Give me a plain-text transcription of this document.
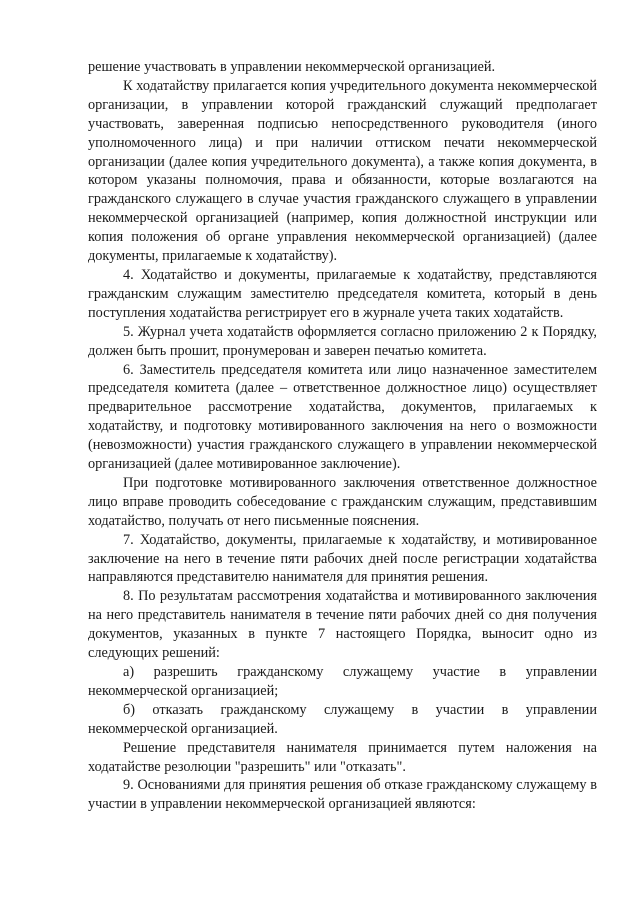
решение участвовать в управлении некоммерческой организацией.

К ходатайству прилагается копия учредительного документа некоммерческой организации, в управлении которой гражданский служащий предполагает участвовать, заверенная подписью непосредственного руководителя (иного уполномоченного лица) и при наличии оттиском печати некоммерческой организации (далее копия учредительного документа), а также копия документа, в котором указаны полномочия, права и обязанности, которые возлагаются на гражданского служащего в случае участия гражданского служащего в управлении некоммерческой организацией (например, копия должностной инструкции или копия положения об органе управления некоммерческой организацией) (далее документы, прилагаемые к ходатайству).

4. Ходатайство и документы, прилагаемые к ходатайству, представляются гражданским служащим заместителю председателя комитета, который в день поступления ходатайства регистрирует его в журнале учета таких ходатайств.

5. Журнал учета ходатайств оформляется согласно приложению 2 к Порядку, должен быть прошит, пронумерован и заверен печатью комитета.

6. Заместитель председателя комитета или лицо назначенное заместителем председателя комитета (далее – ответственное должностное лицо) осуществляет предварительное рассмотрение ходатайства, документов, прилагаемых к ходатайству, и подготовку мотивированного заключения на него о возможности (невозможности) участия гражданского служащего в управлении некоммерческой организацией (далее мотивированное заключение).

При подготовке мотивированного заключения ответственное должностное лицо вправе проводить собеседование с гражданским служащим, представившим ходатайство, получать от него письменные пояснения.

7. Ходатайство, документы, прилагаемые к ходатайству, и мотивированное заключение на него в течение пяти рабочих дней после регистрации ходатайства направляются представителю нанимателя для принятия решения.

8. По результатам рассмотрения ходатайства и мотивированного заключения на него представитель нанимателя в течение пяти рабочих дней со дня получения документов, указанных в пункте 7 настоящего Порядка, выносит одно из следующих решений:

а) разрешить гражданскому служащему участие в управлении некоммерческой организацией;

б) отказать гражданскому служащему в участии в управлении некоммерческой организацией.

Решение представителя нанимателя принимается путем наложения на ходатайстве резолюции "разрешить" или "отказать".

9. Основаниями для принятия решения об отказе гражданскому служащему в участии в управлении некоммерческой организацией являются:
